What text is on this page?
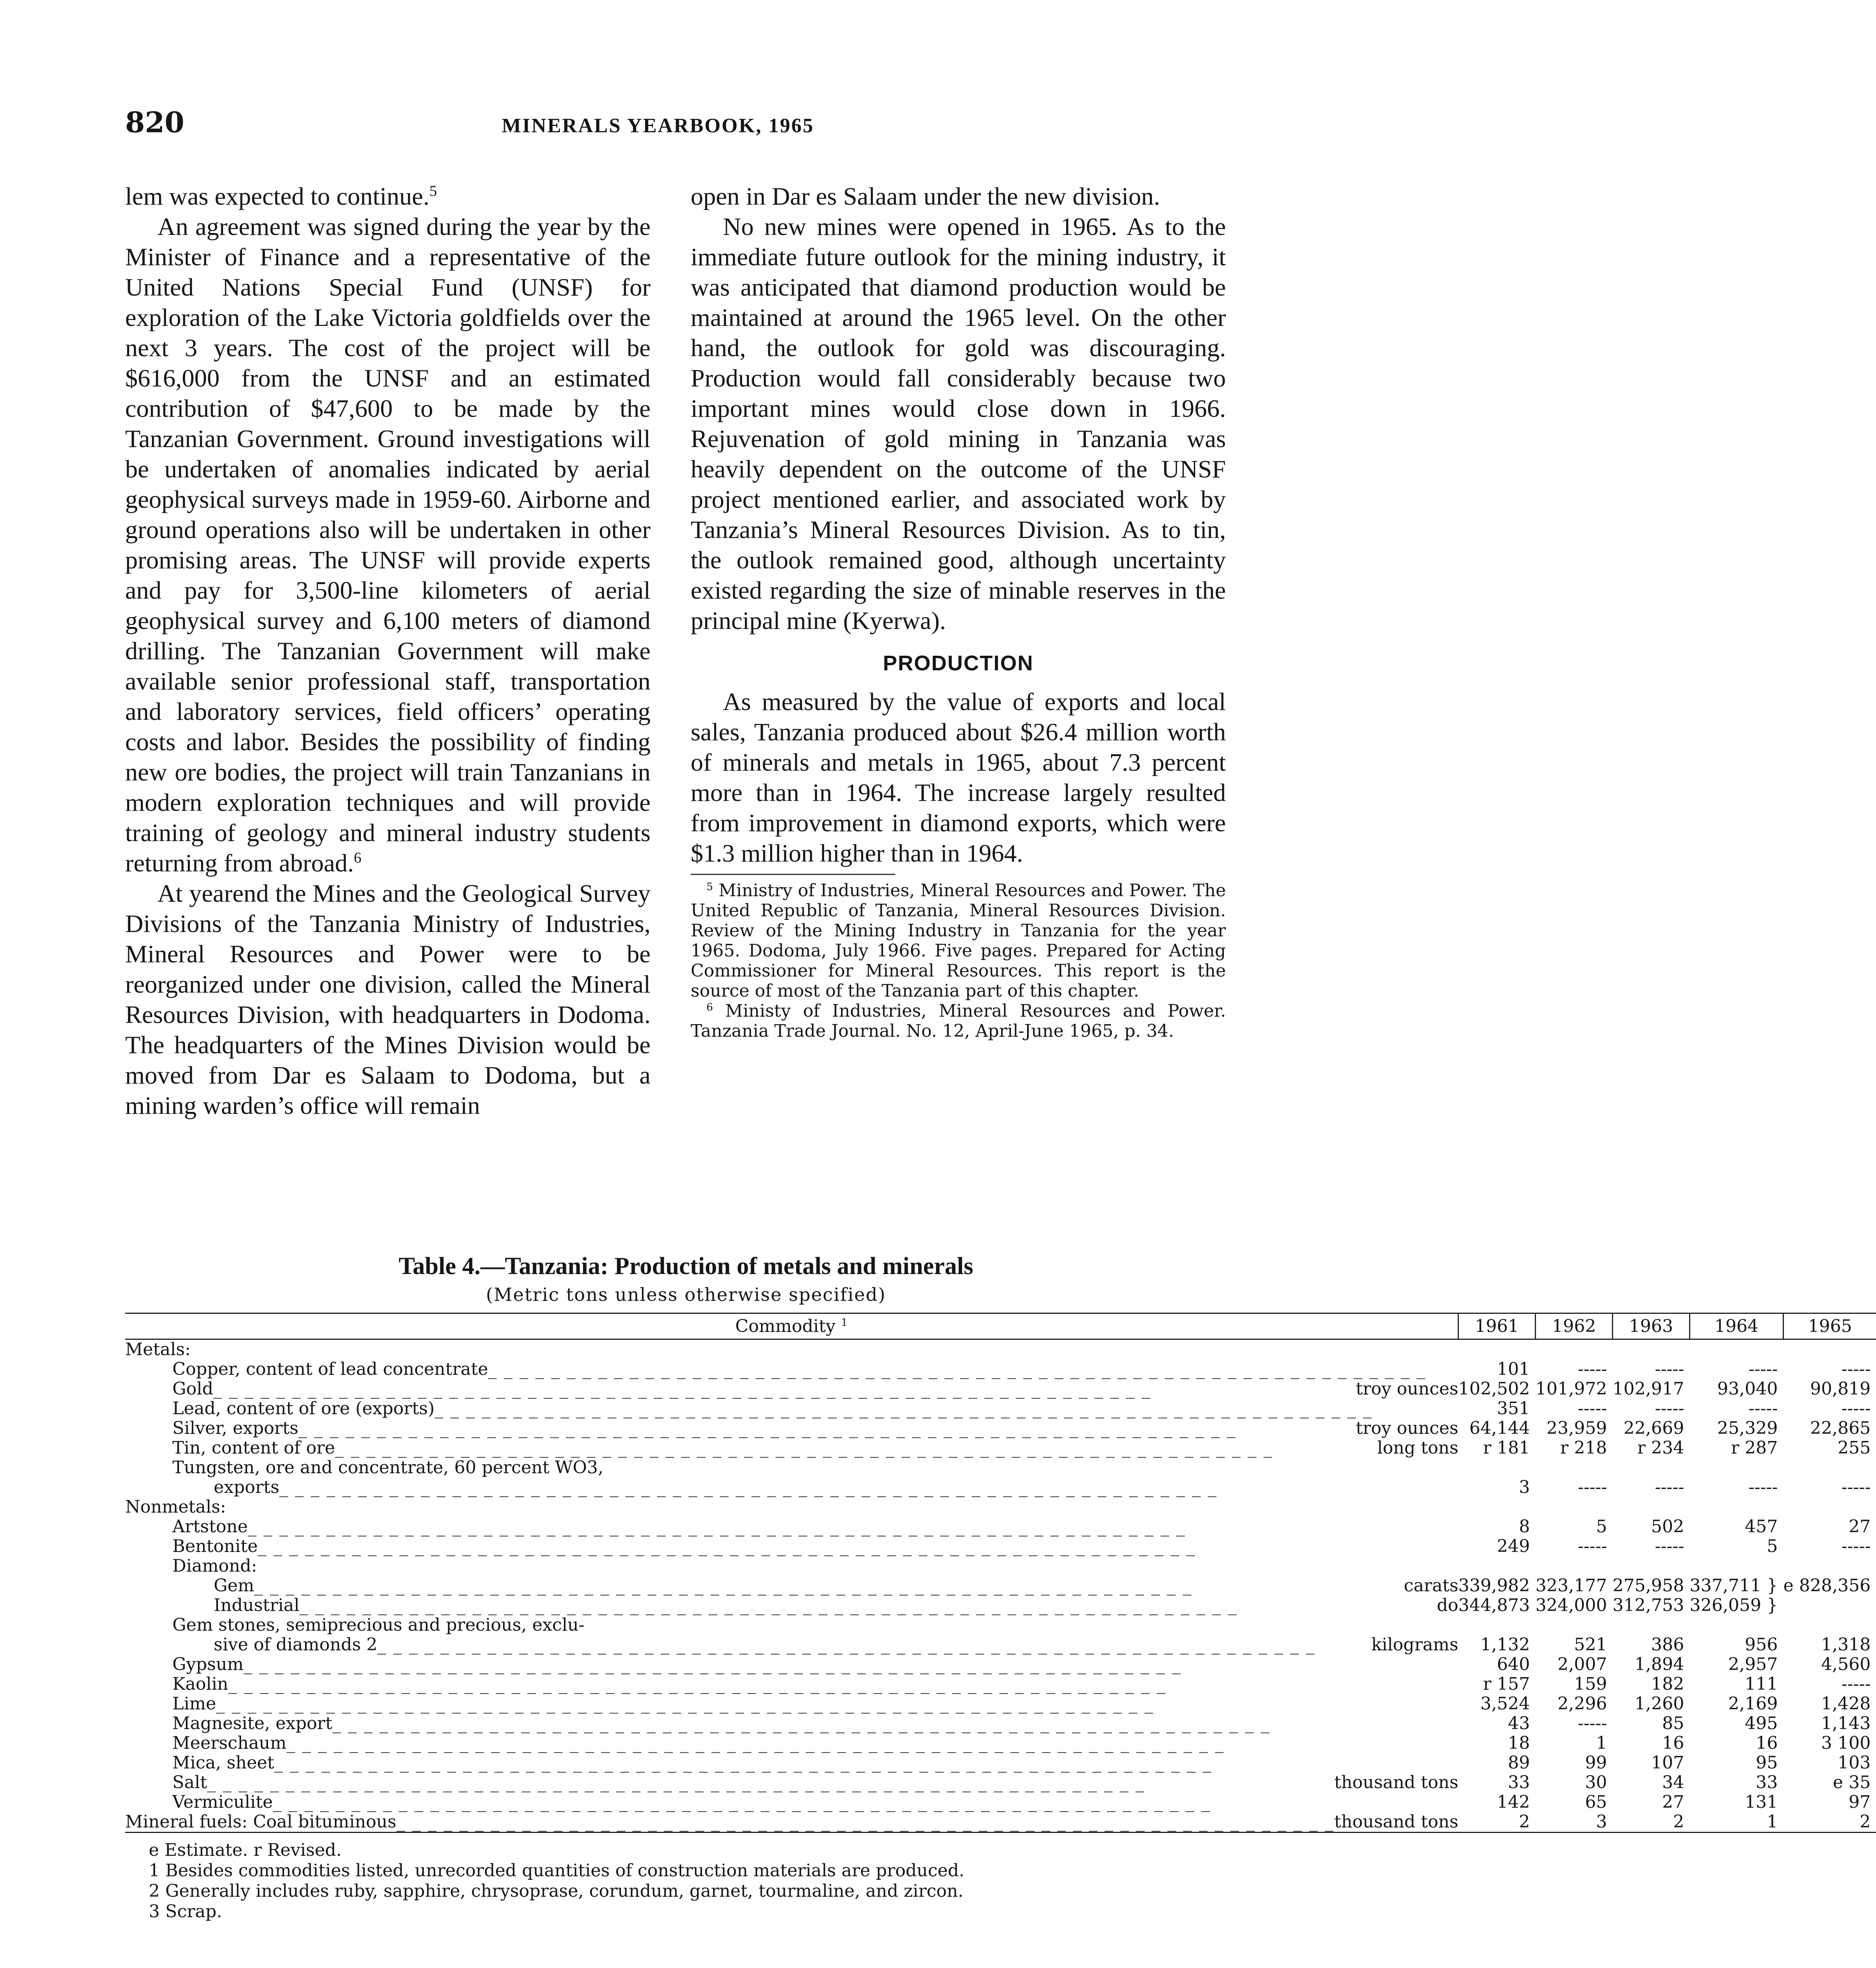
820	MINERALS YEARBOOK, 1965

lem was expected to continue.$^5$

An agreement was signed during the year by the Minister of Finance and a representative of the United Nations Special Fund (UNSF) for exploration of the Lake Victoria goldfields over the next 3 years. The cost of the project will be $616,000 from the UNSF and an estimated contribution of $47,600 to be made by the Tanzanian Government. Ground investigations will be undertaken of anomalies indicated by aerial geophysical surveys made in 1959-60. Airborne and ground operations also will be undertaken in other promising areas. The UNSF will provide experts and pay for 3,500-line kilometers of aerial geophysical survey and 6,100 meters of diamond drilling. The Tanzanian Government will make available senior professional staff, transportation and laboratory services, field officers’ operating costs and labor. Besides the possibility of finding new ore bodies, the project will train Tanzanians in modern exploration techniques and will provide training of geology and mineral industry students returning from abroad.$^6$

At yearend the Mines and the Geological Survey Divisions of the Tanzania Ministry of Industries, Mineral Resources and Power were to be reorganized under one division, called the Mineral Resources Division, with headquarters in Dodoma. The headquarters of the Mines Division would be moved from Dar es Salaam to Dodoma, but a mining warden’s office will remain

open in Dar es Salaam under the new division.

No new mines were opened in 1965. As to the immediate future outlook for the mining industry, it was anticipated that diamond production would be maintained at around the 1965 level. On the other hand, the outlook for gold was discouraging. Production would fall considerably because two important mines would close down in 1966. Rejuvenation of gold mining in Tanzania was heavily dependent on the outcome of the UNSF project mentioned earlier, and associated work by Tanzania’s Mineral Resources Division. As to tin, the outlook remained good, although uncertainty existed regarding the size of minable reserves in the principal mine (Kyerwa).

PRODUCTION

As measured by the value of exports and local sales, Tanzania produced about $26.4 million worth of minerals and metals in 1965, about 7.3 percent more than in 1964. The increase largely resulted from improvement in diamond exports, which were $1.3 million higher than in 1964.

$^5$ Ministry of Industries, Mineral Resources and Power. The United Republic of Tanzania, Mineral Resources Division. Review of the Mining Industry in Tanzania for the year 1965. Dodoma, July 1966. Five pages. Prepared for Acting Commissioner for Mineral Resources. This report is the source of most of the Tanzania part of this chapter.

$^6$ Ministy of Industries, Mineral Resources and Power. Tanzania Trade Journal. No. 12, April-June 1965, p. 34.

Table 4.—Tanzania: Production of metals and minerals
(Metric tons unless otherwise specified)
Commodity $^1$	1961	1962	1963	1964	1965

Metals:					

Copper, content of lead concentrate
_ _ _	101	-----	-----	-----	-----

Gold _ _ _ troy ounces	102,502	101,972	102,917	93,040	90,819

Lead, content of ore (exports)
_ _ _	351	-----	-----	-----	-----

Silver, exports _ _ _ troy ounces	64,144	23,959	22,669	25,329	22,865

Tin, content of ore _ _ _ long tons	r 181	r 218	r 234	r 287	255

Tungsten, ore and concentrate, 60 percent WO3,					

exports
_ _ _	3	-----	-----	-----	-----

Nonmetals:					

Artstone
_ _ _	8	5	502	457	27

Bentonite
_ _ _	249	-----	-----	5	-----

Diamond:					

Gem _ _ _ carats	339,982	323,177	275,958	337,711 }	e 828,356

Industrial _ _ _ do	344,873	324,000	312,753	326,059 }	

Gem stones, semiprecious and precious, exclu-					

sive of diamonds 2 _ _ _ kilograms	1,132	521	386	956	1,318

Gypsum
_ _ _	640	2,007	1,894	2,957	4,560

Kaolin
_ _ _	r 157	159	182	111	-----

Lime
_ _ _	3,524	2,296	1,260	2,169	1,428

Magnesite, export
_ _ _	43	-----	85	495	1,143

Meerschaum
_ _ _	18	1	16	16	3 100

Mica, sheet
_ _ _	89	99	107	95	103

Salt _ _ _ thousand tons	33	30	34	33	e 35

Vermiculite
_ _ _	142	65	27	131	97

Mineral fuels: Coal bituminous _ _ _ thousand tons	2	3	2	1	2

e Estimate. r Revised.

1 Besides commodities listed, unrecorded quantities of construction materials are produced.

2 Generally includes ruby, sapphire, chrysoprase, corundum, garnet, tourmaline, and zircon.

3 Scrap.
